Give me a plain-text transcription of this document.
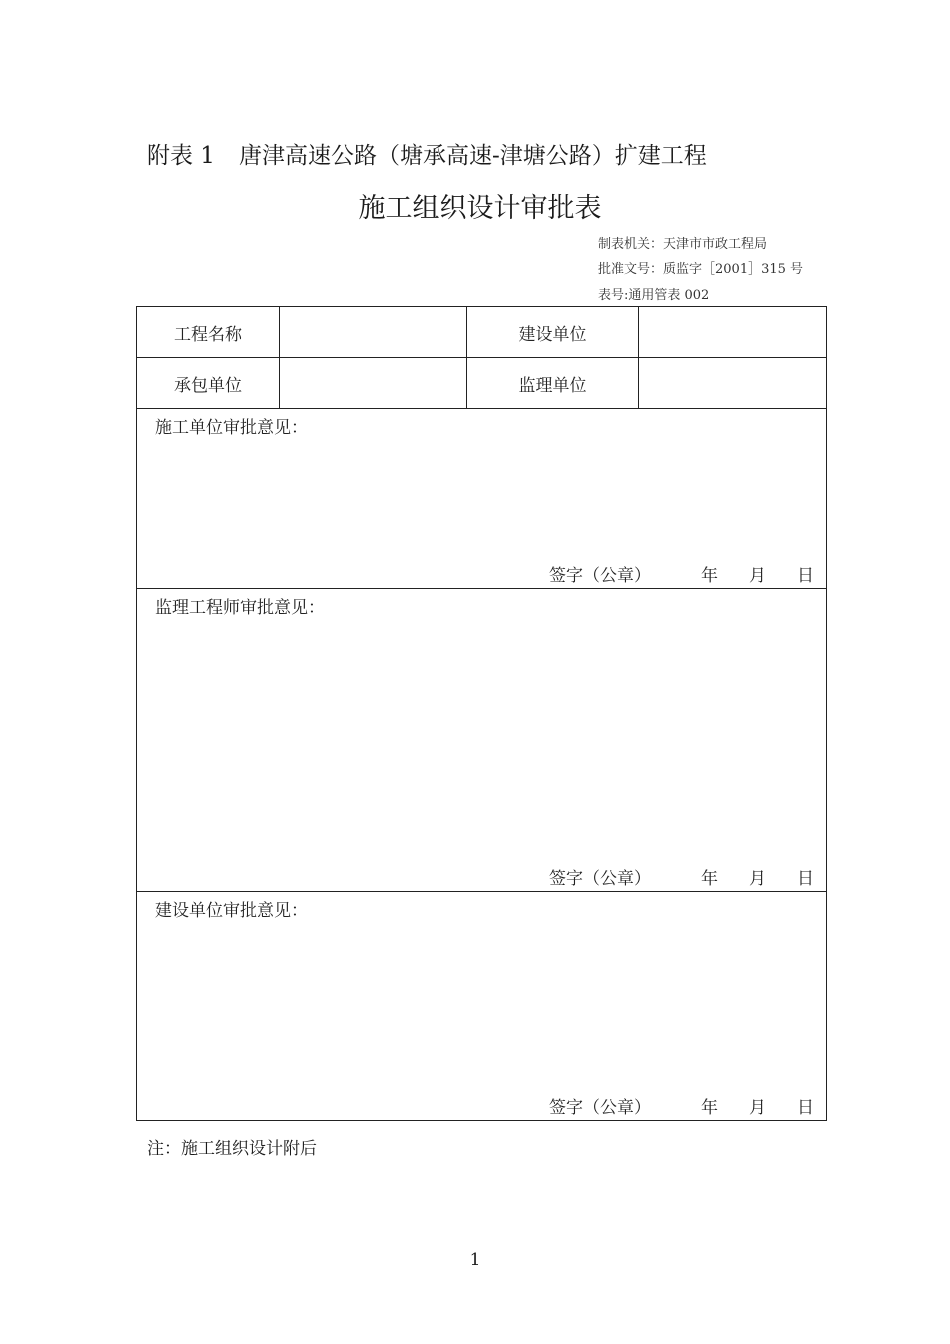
附表 1 唐津高速公路（塘承高速-津塘公路）扩建工程
施工组织设计审批表
制表机关：天津市市政工程局
批准文号：质监字［2001］315 号
表号:通用管表 002
工程名称		建设单位	
承包单位		监理单位	

施工单位审批意见：
签字（公章） 年 月 日			

监理工程师审批意见：
签字（公章） 年 月 日			

建设单位审批意见：
签字（公章） 年 月 日			
注：施工组织设计附后
1
